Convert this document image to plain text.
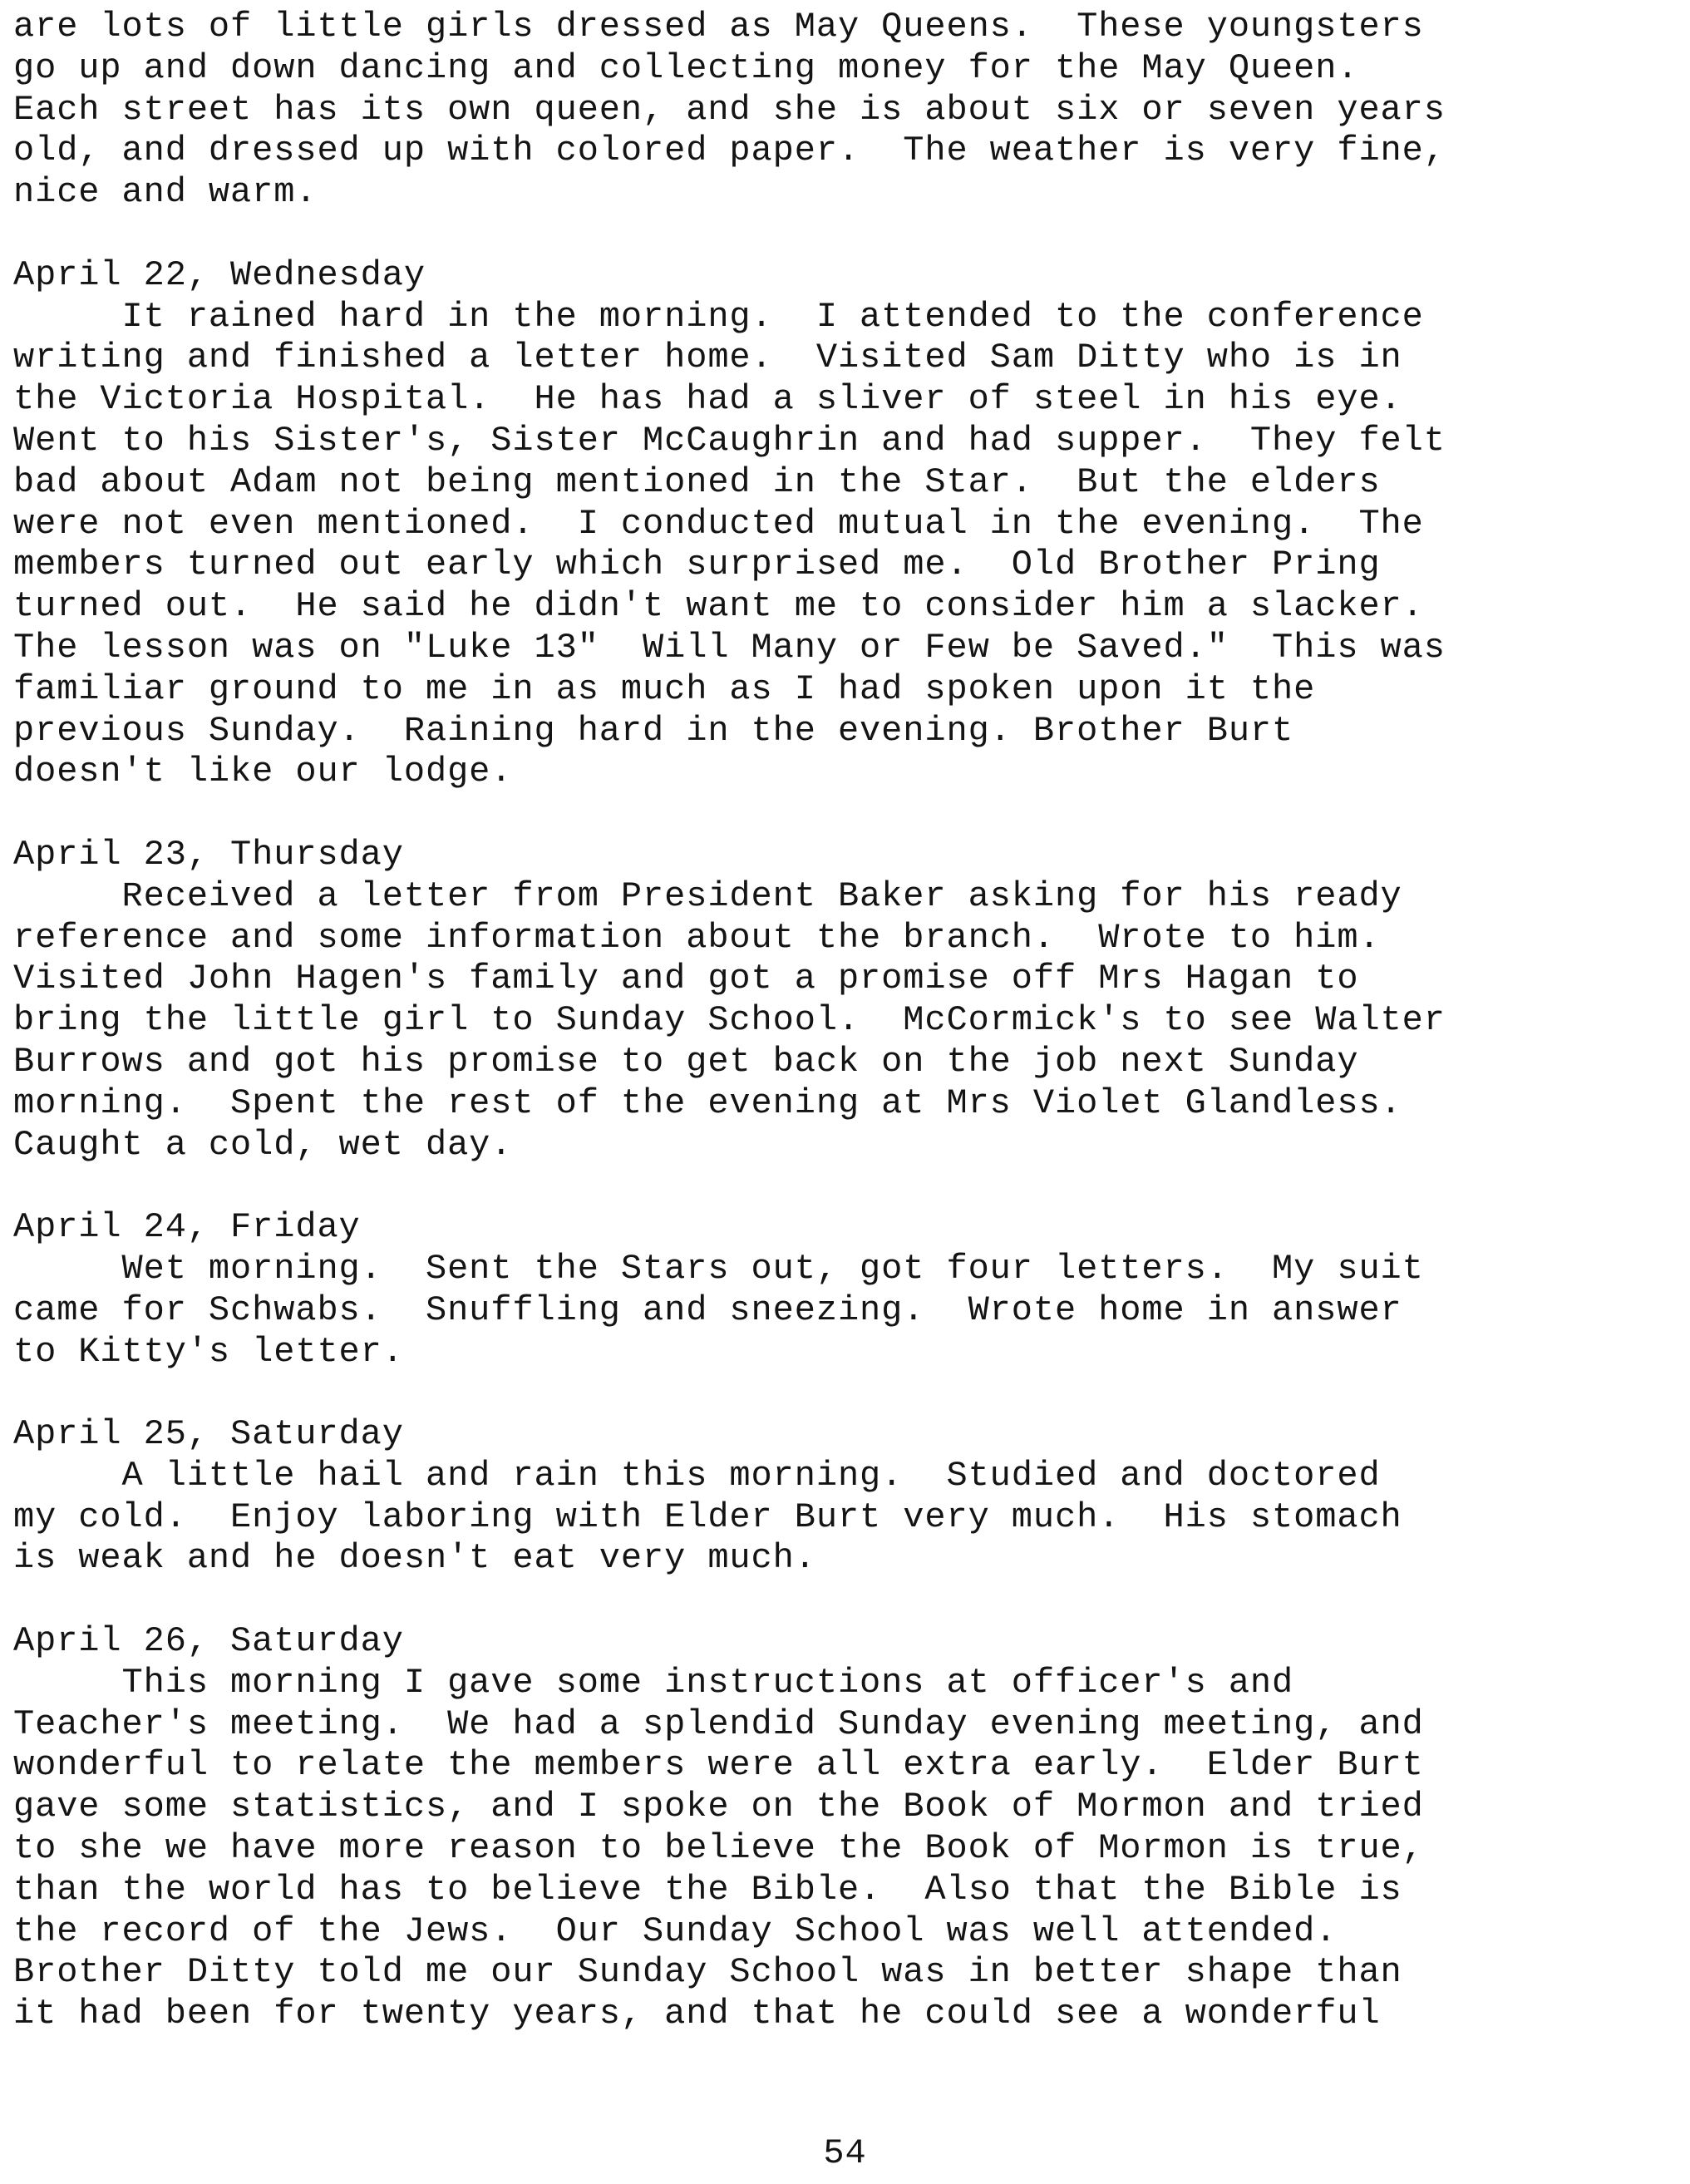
are lots of little girls dressed as May Queens.  These youngsters
go up and down dancing and collecting money for the May Queen.
Each street has its own queen, and she is about six or seven years
old, and dressed up with colored paper.  The weather is very fine,
nice and warm.
April 22, Wednesday
It rained hard in the morning.  I attended to the conference
writing and finished a letter home.  Visited Sam Ditty who is in
the Victoria Hospital.  He has had a sliver of steel in his eye.
Went to his Sister's, Sister McCaughrin and had supper.  They felt
bad about Adam not being mentioned in the Star.  But the elders
were not even mentioned.  I conducted mutual in the evening.  The
members turned out early which surprised me.  Old Brother Pring
turned out.  He said he didn't want me to consider him a slacker.
The lesson was on "Luke 13"  Will Many or Few be Saved."  This was
familiar ground to me in as much as I had spoken upon it the
previous Sunday.  Raining hard in the evening. Brother Burt
doesn't like our lodge.
April 23, Thursday
Received a letter from President Baker asking for his ready
reference and some information about the branch.  Wrote to him.
Visited John Hagen's family and got a promise off Mrs Hagan to
bring the little girl to Sunday School.  McCormick's to see Walter
Burrows and got his promise to get back on the job next Sunday
morning.  Spent the rest of the evening at Mrs Violet Glandless.
Caught a cold, wet day.
April 24, Friday
Wet morning.  Sent the Stars out, got four letters.  My suit
came for Schwabs.  Snuffling and sneezing.  Wrote home in answer
to Kitty's letter.
April 25, Saturday
A little hail and rain this morning.  Studied and doctored
my cold.  Enjoy laboring with Elder Burt very much.  His stomach
is weak and he doesn't eat very much.
April 26, Saturday
This morning I gave some instructions at officer's and
Teacher's meeting.  We had a splendid Sunday evening meeting, and
wonderful to relate the members were all extra early.  Elder Burt
gave some statistics, and I spoke on the Book of Mormon and tried
to she we have more reason to believe the Book of Mormon is true,
than the world has to believe the Bible.  Also that the Bible is
the record of the Jews.  Our Sunday School was well attended.
Brother Ditty told me our Sunday School was in better shape than
it had been for twenty years, and that he could see a wonderful
54
